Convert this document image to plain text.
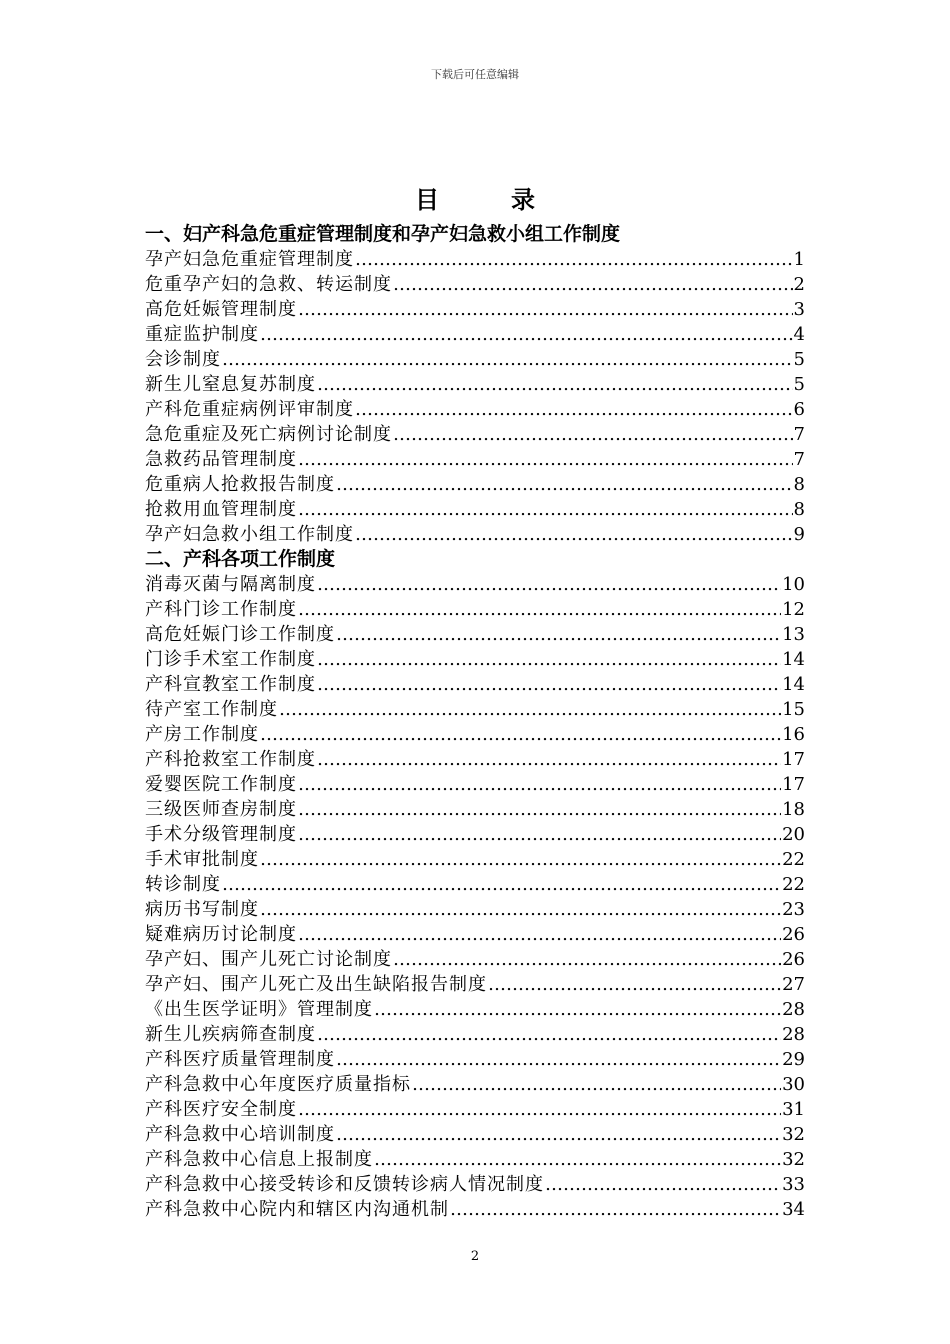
下载后可任意编辑
目录
一、妇产科急危重症管理制度和孕产妇急救小组工作制度
孕产妇急危重症管理制度 ……………………………………………………………………………………………………………………………………………………………………………………	1
危重孕产妇的急救、转运制度 ……………………………………………………………………………………………………………………………………………………………………………………	2
高危妊娠管理制度 ……………………………………………………………………………………………………………………………………………………………………………………	3
重症监护制度 ……………………………………………………………………………………………………………………………………………………………………………………	4
会诊制度 ……………………………………………………………………………………………………………………………………………………………………………………	5
新生儿窒息复苏制度 ……………………………………………………………………………………………………………………………………………………………………………………	5
产科危重症病例评审制度 ……………………………………………………………………………………………………………………………………………………………………………………	6
急危重症及死亡病例讨论制度 ……………………………………………………………………………………………………………………………………………………………………………………	7
急救药品管理制度 ……………………………………………………………………………………………………………………………………………………………………………………	7
危重病人抢救报告制度 ……………………………………………………………………………………………………………………………………………………………………………………	8
抢救用血管理制度 ……………………………………………………………………………………………………………………………………………………………………………………	8
孕产妇急救小组工作制度 ……………………………………………………………………………………………………………………………………………………………………………………	9
二、产科各项工作制度
消毒灭菌与隔离制度 ……………………………………………………………………………………………………………………………………………………………………………………	10
产科门诊工作制度 ……………………………………………………………………………………………………………………………………………………………………………………	12
高危妊娠门诊工作制度 ……………………………………………………………………………………………………………………………………………………………………………………	13
门诊手术室工作制度 ……………………………………………………………………………………………………………………………………………………………………………………	14
产科宣教室工作制度 ……………………………………………………………………………………………………………………………………………………………………………………	14
待产室工作制度 ……………………………………………………………………………………………………………………………………………………………………………………	15
产房工作制度 ……………………………………………………………………………………………………………………………………………………………………………………	16
产科抢救室工作制度 ……………………………………………………………………………………………………………………………………………………………………………………	17
爱婴医院工作制度 ……………………………………………………………………………………………………………………………………………………………………………………	17
三级医师查房制度 ……………………………………………………………………………………………………………………………………………………………………………………	18
手术分级管理制度 ……………………………………………………………………………………………………………………………………………………………………………………	20
手术审批制度 ……………………………………………………………………………………………………………………………………………………………………………………	22
转诊制度 ……………………………………………………………………………………………………………………………………………………………………………………	22
病历书写制度 ……………………………………………………………………………………………………………………………………………………………………………………	23
疑难病历讨论制度 ……………………………………………………………………………………………………………………………………………………………………………………	26
孕产妇、围产儿死亡讨论制度 ……………………………………………………………………………………………………………………………………………………………………………………	26
孕产妇、围产儿死亡及出生缺陷报告制度 ……………………………………………………………………………………………………………………………………………………………………………………	27
《出生医学证明》管理制度 ……………………………………………………………………………………………………………………………………………………………………………………	28
新生儿疾病筛查制度 ……………………………………………………………………………………………………………………………………………………………………………………	28
产科医疗质量管理制度 ……………………………………………………………………………………………………………………………………………………………………………………	29
产科急救中心年度医疗质量指标 ……………………………………………………………………………………………………………………………………………………………………………………	30
产科医疗安全制度 ……………………………………………………………………………………………………………………………………………………………………………………	31
产科急救中心培训制度 ……………………………………………………………………………………………………………………………………………………………………………………	32
产科急救中心信息上报制度 ……………………………………………………………………………………………………………………………………………………………………………………	32
产科急救中心接受转诊和反馈转诊病人情况制度 ……………………………………………………………………………………………………………………………………………………………………………………	33
产科急救中心院内和辖区内沟通机制 ……………………………………………………………………………………………………………………………………………………………………………………	34
2
